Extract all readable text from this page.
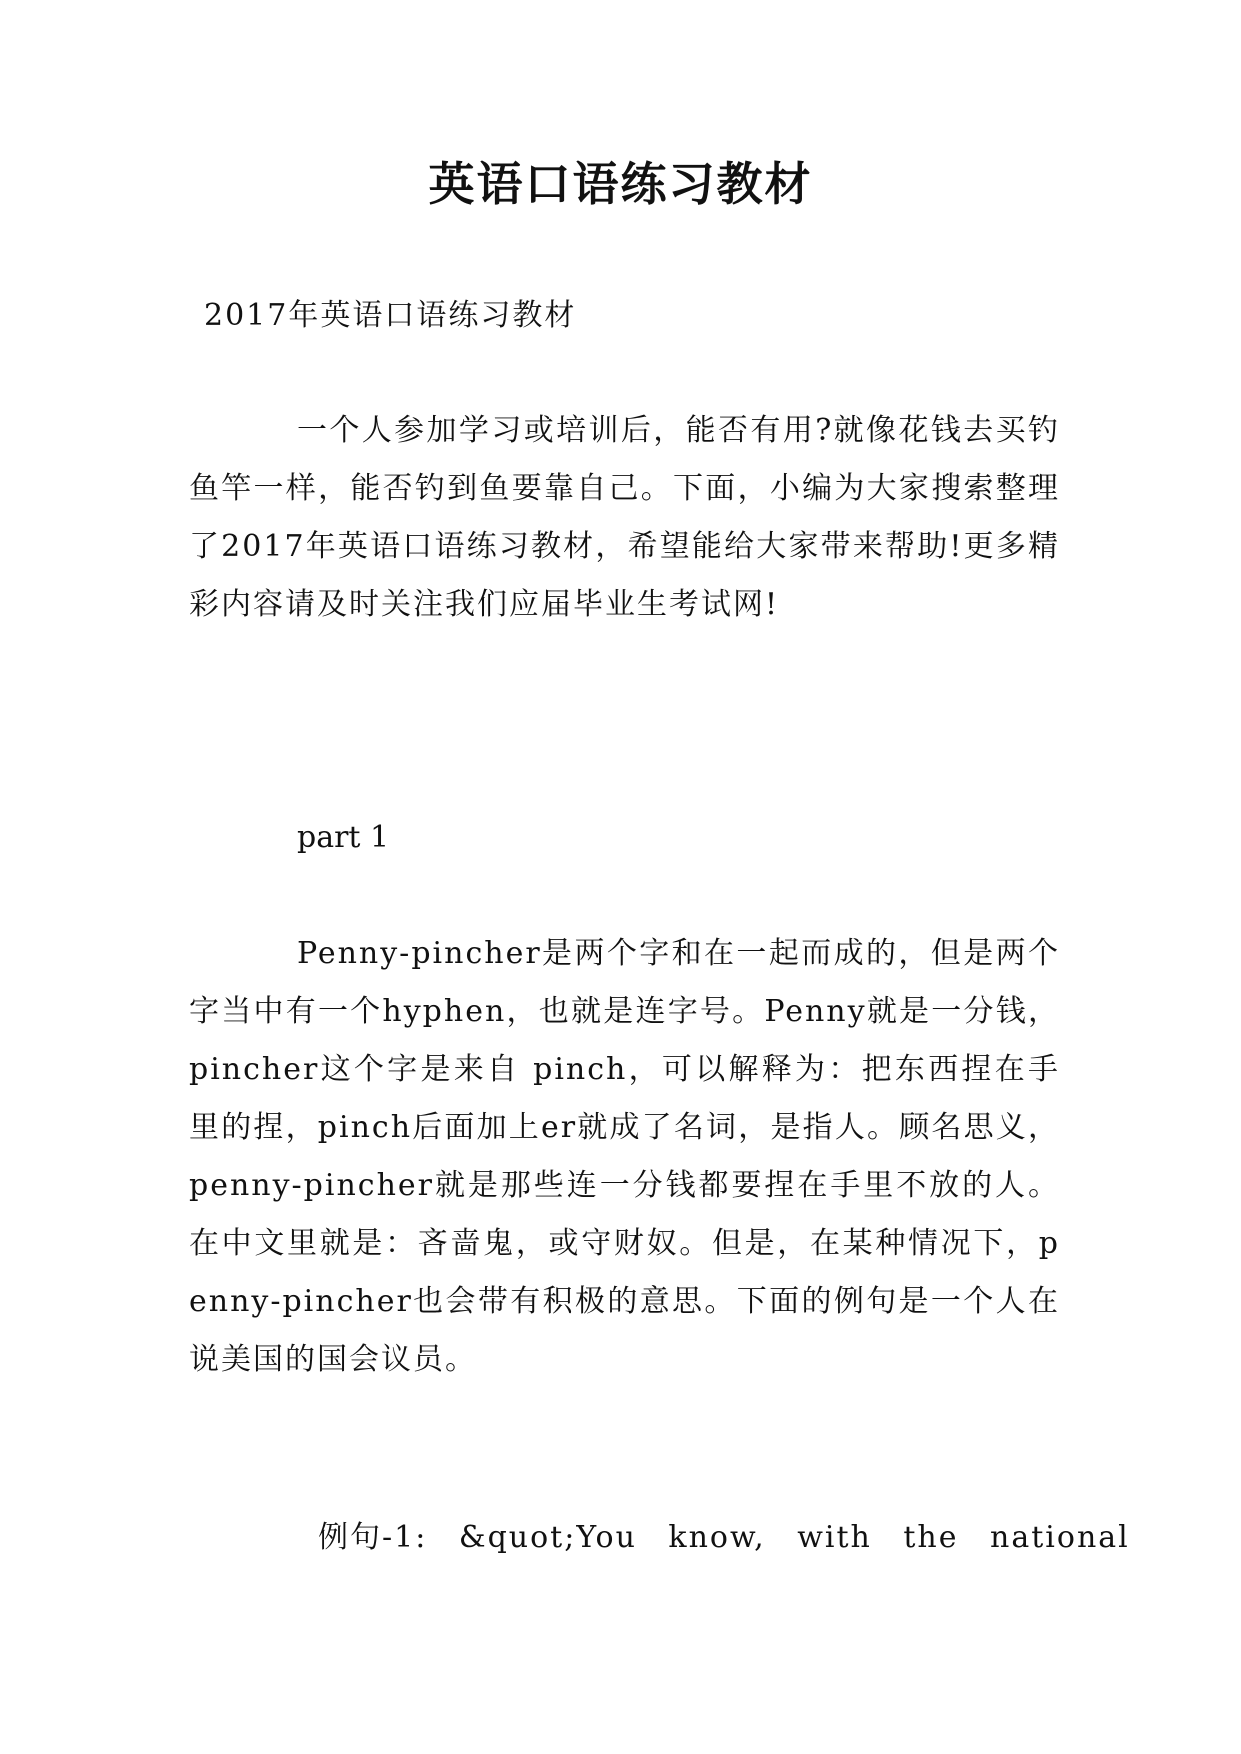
英语口语练习教材

2017年英语口语练习教材

一个人参加学习或培训后，能否有用?就像花钱去买钓鱼竿一样，能否钓到鱼要靠自己。下面，小编为大家搜索整理了2017年英语口语练习教材，希望能给大家带来帮助!更多精彩内容请及时关注我们应届毕业生考试网!

part 1

Penny-pincher是两个字和在一起而成的，但是两个字当中有一个hyphen，也就是连字号。Penny就是一分钱，pincher这个字是来自 pinch，可以解释为：把东西捏在手里的捏，pinch后面加上er就成了名词，是指人。顾名思义，penny-pincher就是那些连一分钱都要捏在手里不放的人。在中文里就是：吝啬鬼，或守财奴。但是，在某种情况下，penny-pincher也会带有积极的意思。下面的例句是一个人在说美国的国会议员。

例句-1: &quot;You know, with the national
